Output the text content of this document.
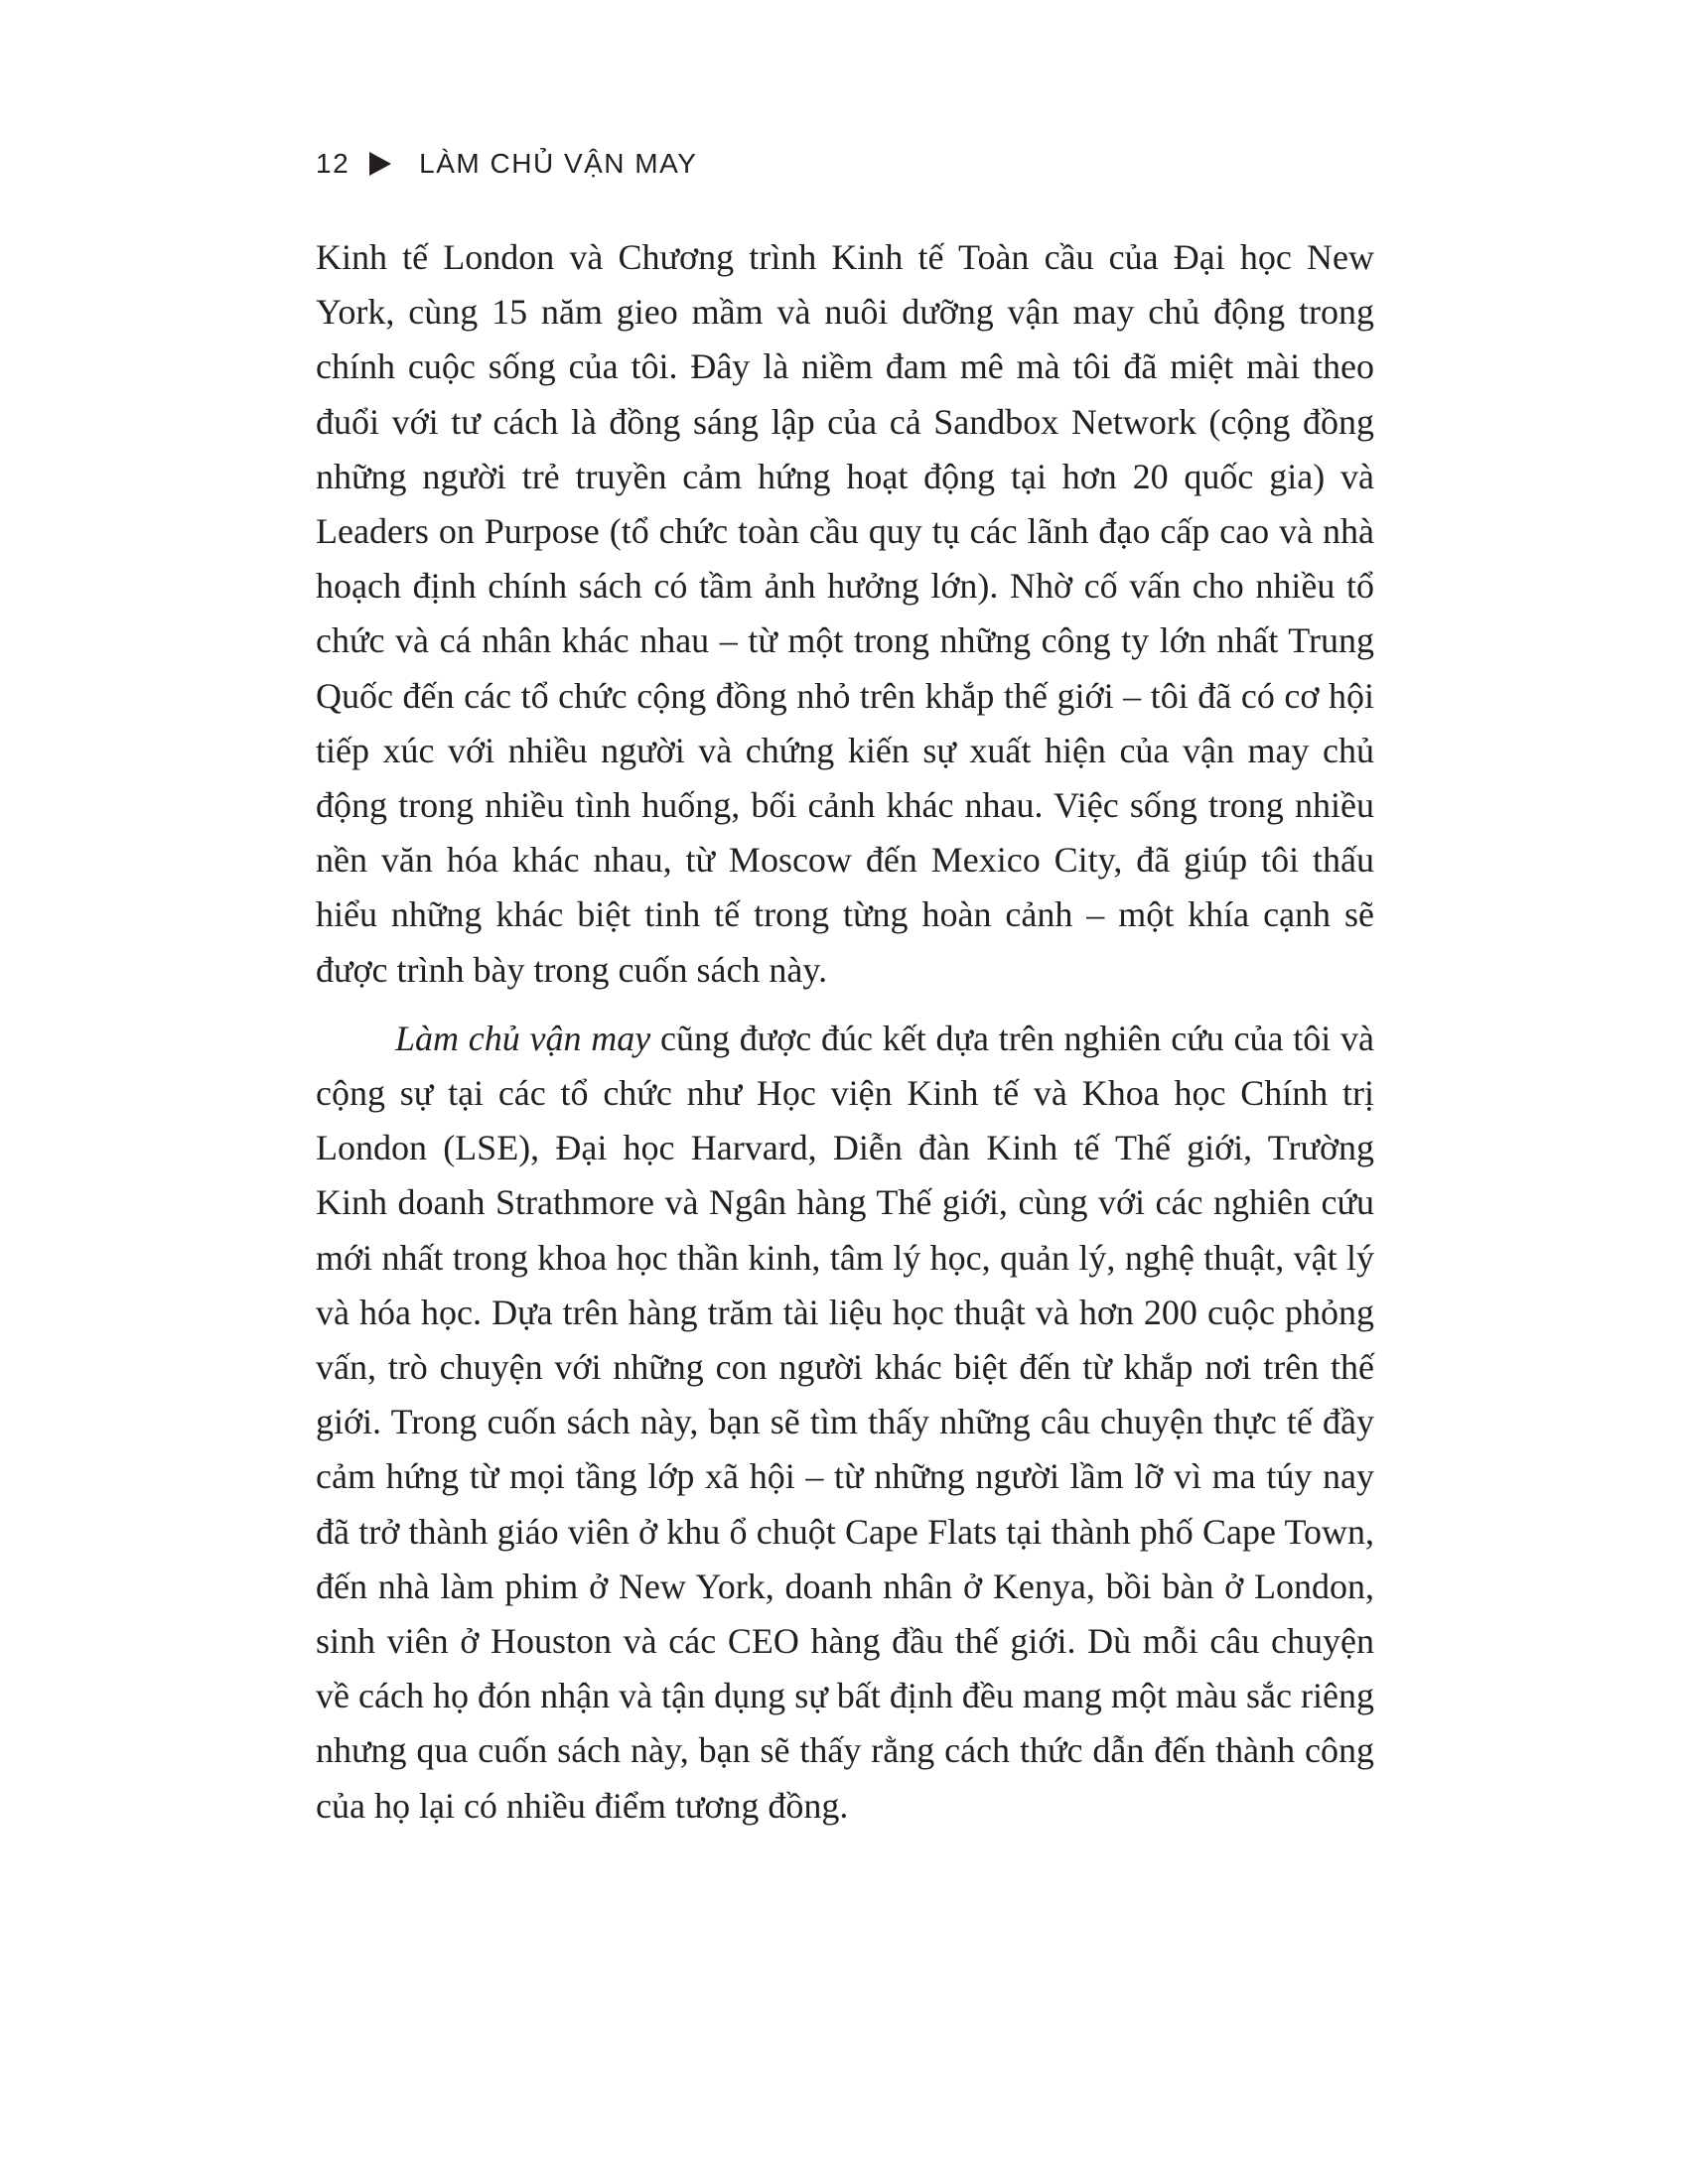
12	LÀM CHỦ VẬN MAY

Kinh tế London và Chương trình Kinh tế Toàn cầu của Đại học New York, cùng 15 năm gieo mầm và nuôi dưỡng vận may chủ động trong chính cuộc sống của tôi. Đây là niềm đam mê mà tôi đã miệt mài theo đuổi với tư cách là đồng sáng lập của cả Sandbox Network (cộng đồng những người trẻ truyền cảm hứng hoạt động tại hơn 20 quốc gia) và Leaders on Purpose (tổ chức toàn cầu quy tụ các lãnh đạo cấp cao và nhà hoạch định chính sách có tầm ảnh hưởng lớn). Nhờ cố vấn cho nhiều tổ chức và cá nhân khác nhau – từ một trong những công ty lớn nhất Trung Quốc đến các tổ chức cộng đồng nhỏ trên khắp thế giới – tôi đã có cơ hội tiếp xúc với nhiều người và chứng kiến sự xuất hiện của vận may chủ động trong nhiều tình huống, bối cảnh khác nhau. Việc sống trong nhiều nền văn hóa khác nhau, từ Moscow đến Mexico City, đã giúp tôi thấu hiểu những khác biệt tinh tế trong từng hoàn cảnh – một khía cạnh sẽ được trình bày trong cuốn sách này.

Làm chủ vận may cũng được đúc kết dựa trên nghiên cứu của tôi và cộng sự tại các tổ chức như Học viện Kinh tế và Khoa học Chính trị London (LSE), Đại học Harvard, Diễn đàn Kinh tế Thế giới, Trường Kinh doanh Strathmore và Ngân hàng Thế giới, cùng với các nghiên cứu mới nhất trong khoa học thần kinh, tâm lý học, quản lý, nghệ thuật, vật lý và hóa học. Dựa trên hàng trăm tài liệu học thuật và hơn 200 cuộc phỏng vấn, trò chuyện với những con người khác biệt đến từ khắp nơi trên thế giới. Trong cuốn sách này, bạn sẽ tìm thấy những câu chuyện thực tế đầy cảm hứng từ mọi tầng lớp xã hội – từ những người lầm lỡ vì ma túy nay đã trở thành giáo viên ở khu ổ chuột Cape Flats tại thành phố Cape Town, đến nhà làm phim ở New York, doanh nhân ở Kenya, bồi bàn ở London, sinh viên ở Houston và các CEO hàng đầu thế giới. Dù mỗi câu chuyện về cách họ đón nhận và tận dụng sự bất định đều mang một màu sắc riêng nhưng qua cuốn sách này, bạn sẽ thấy rằng cách thức dẫn đến thành công của họ lại có nhiều điểm tương đồng.
